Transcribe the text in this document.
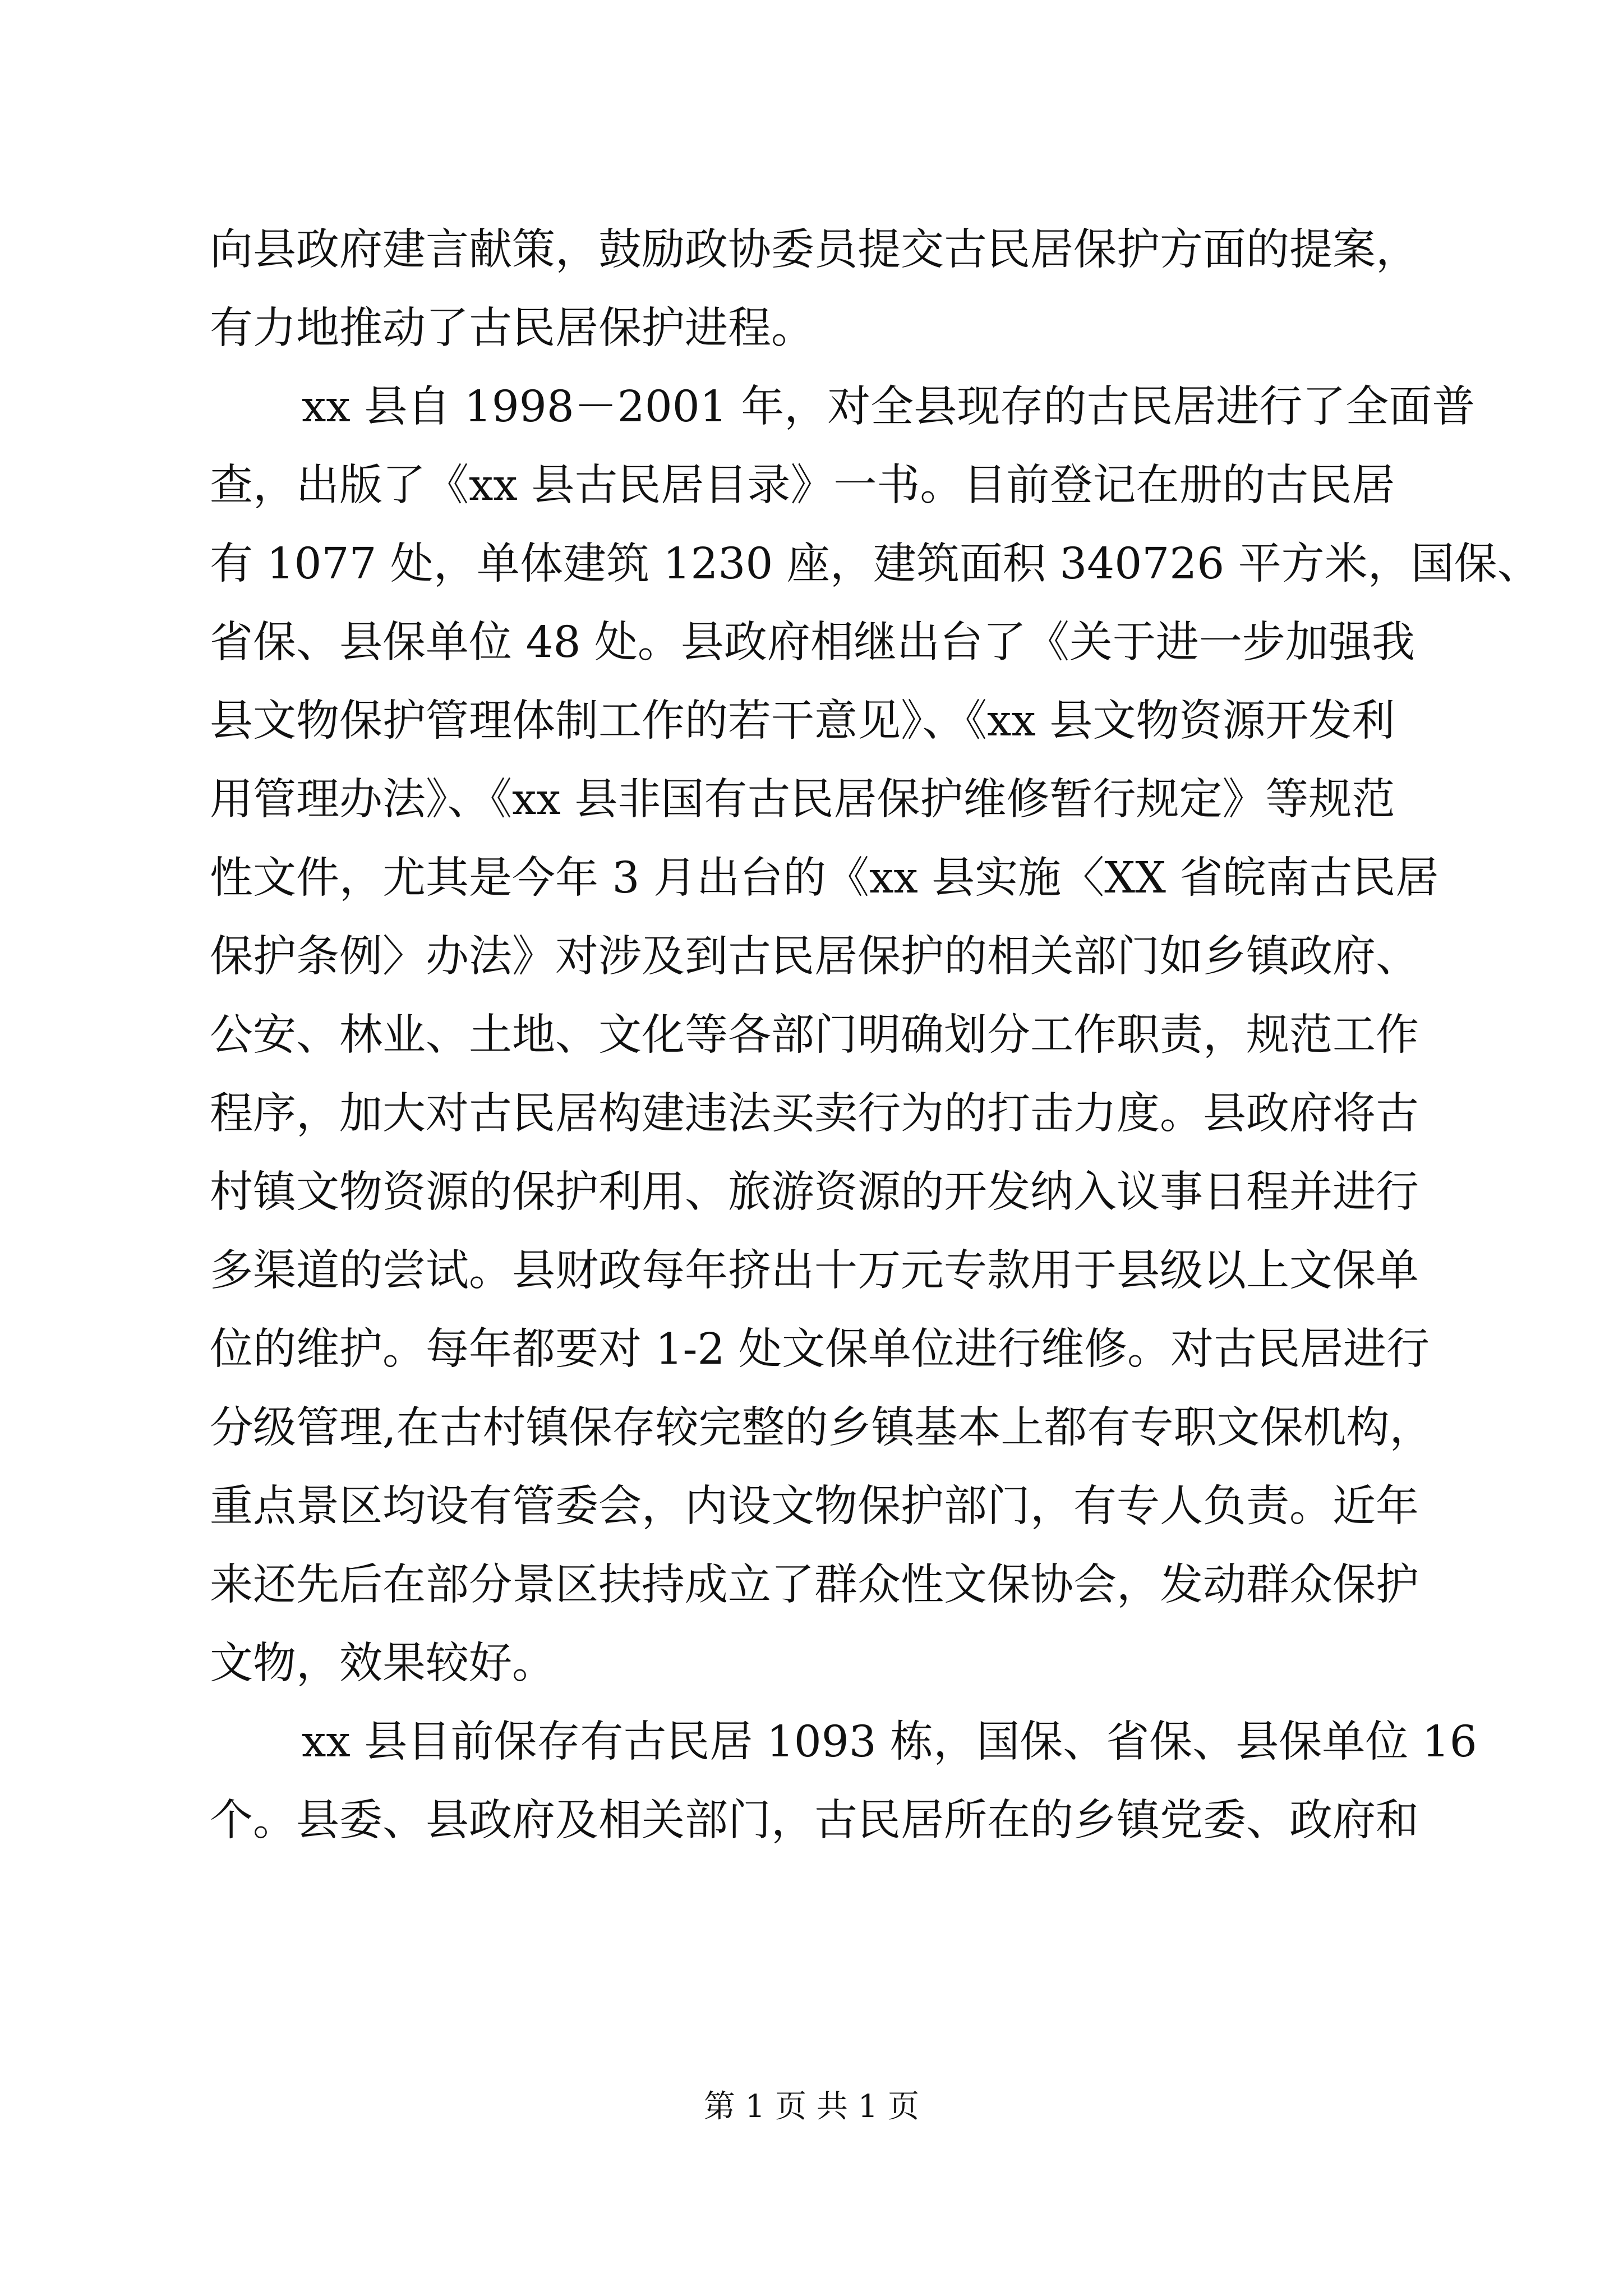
向县政府建言献策，鼓励政协委员提交古民居保护方面的提案，
有力地推动了古民居保护进程。
xx 县自 1998－2001 年，对全县现存的古民居进行了全面普
查，出版了《xx 县古民居目录》一书。目前登记在册的古民居
有 1077 处，单体建筑 1230 座，建筑面积 340726 平方米，国保、
省保、县保单位 48 处。县政府相继出台了《关于进一步加强我
县文物保护管理体制工作的若干意见》、《xx 县文物资源开发利
用管理办法》、《xx 县非国有古民居保护维修暂行规定》等规范
性文件，尤其是今年 3 月出台的《xx 县实施〈XX 省皖南古民居
保护条例〉办法》对涉及到古民居保护的相关部门如乡镇政府、
公安、林业、土地、文化等各部门明确划分工作职责，规范工作
程序，加大对古民居构建违法买卖行为的打击力度。县政府将古
村镇文物资源的保护利用、旅游资源的开发纳入议事日程并进行
多渠道的尝试。县财政每年挤出十万元专款用于县级以上文保单
位的维护。每年都要对 1-2 处文保单位进行维修。对古民居进行
分级管理,在古村镇保存较完整的乡镇基本上都有专职文保机构，
重点景区均设有管委会，内设文物保护部门，有专人负责。近年
来还先后在部分景区扶持成立了群众性文保协会，发动群众保护
文物，效果较好。
xx 县目前保存有古民居 1093 栋，国保、省保、县保单位 16
个。县委、县政府及相关部门，古民居所在的乡镇党委、政府和
第 1 页 共 1 页
